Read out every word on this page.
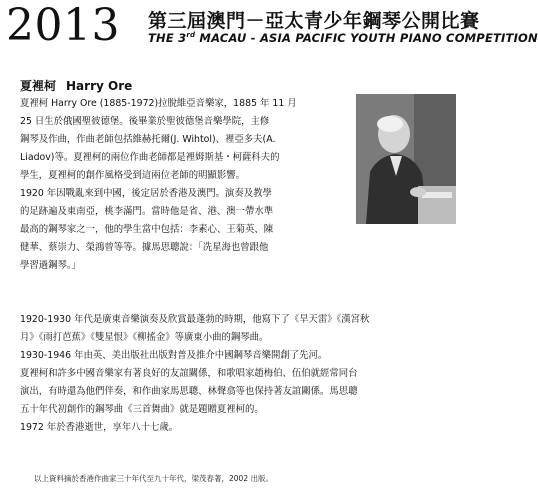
2013 第三屆澳門－亞太青少年鋼琴公開比賽
THE 3rd MACAU - ASIA PACIFIC YOUTH PIANO COMPETITION
夏裡柯 Harry Ore
夏裡柯 Harry Ore (1885-1972)拉脫維亞音樂家，1885 年 11 月
25 日生於俄國聖彼德堡。後畢業於聖彼德堡音樂學院，主修
鋼琴及作曲，作曲老師包括維赫托爾(J. Wihtol)、裡亞多夫(A.
Liadov)等。夏裡柯的兩位作曲老師都是裡姆斯基・柯薩科夫的
學生，夏裡柯的創作風格受到這兩位老師的明顯影響。
1920 年因戰亂來到中國，後定居於香港及澳門。演奏及教學
的足跡遍及東南亞，桃李滿門。當時他是省、港、澳一帶水準
最高的鋼琴家之一，他的學生當中包括：李素心、王菊英、陳
健華、蔡崇力、榮鴻曾等等。據馬思聰說：「冼星海也曾跟他
學習過鋼琴。」
1920-1930 年代是廣東音樂演奏及欣賞最蓬勃的時期，他寫下了《旱天雷》《漢宮秋
月》《雨打芭蕉》《雙星恨》《柳搖金》等廣東小曲的鋼琴曲。
1930-1946 年由英、美出版社出版對普及推介中國鋼琴音樂開創了先河。
夏裡柯和許多中國音樂家有著良好的友誼關係，和歌唱家趙梅伯、伍伯就經常同台
演出，有時還為他們伴奏，和作曲家馬思聰、林聲翕等也保持著友誼關係。馬思聰
五十年代初創作的鋼琴曲《三首舞曲》就是題贈夏裡柯的。
1972 年於香港逝世，享年八十七歲。
以上資料摘於香港作曲家三十年代至九十年代，梁茂春著，2002 出版。
